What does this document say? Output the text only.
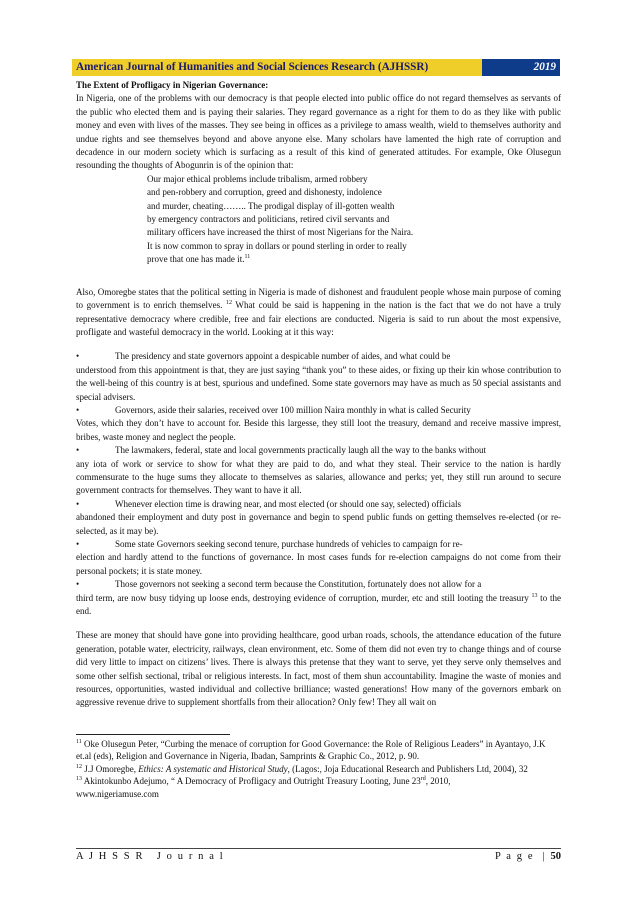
American Journal of Humanities and Social Sciences Research (AJHSSR)	2019
The Extent of Profligacy in Nigerian Governance:

In Nigeria, one of the problems with our democracy is that people elected into public office do not regard themselves as servants of the public who elected them and is paying their salaries. They regard governance as a right for them to do as they like with public money and even with lives of the masses. They see being in offices as a privilege to amass wealth, wield to themselves authority and undue rights and see themselves beyond and above anyone else. Many scholars have lamented the high rate of corruption and decadence in our modern society which is surfacing as a result of this kind of generated attitudes. For example, Oke Olusegun resounding the thoughts of Abogunrin is of the opinion that:

Our major ethical problems include tribalism, armed robbery
and pen-robbery and corruption, greed and dishonesty, indolence
and murder, cheating…….. The prodigal display of ill-gotten wealth
by emergency contractors and politicians, retired civil servants and
military officers have increased the thirst of most Nigerians for the Naira.
It is now common to spray in dollars or pound sterling in order to really
prove that one has made it.$^{11}$

Also, Omoregbe states that the political setting in Nigeria is made of dishonest and fraudulent people whose main purpose of coming to government is to enrich themselves. $^{12}$ What could be said is happening in the nation is the fact that we do not have a truly representative democracy where credible, free and fair elections are conducted. Nigeria is said to run about the most expensive, profligate and wasteful democracy in the world. Looking at it this way:

•
The presidency and state governors appoint a despicable number of aides, and what could be

understood from this appointment is that, they are just saying “thank you” to these aides, or fixing up their kin whose contribution to the well-being of this country is at best, spurious and undefined. Some state governors may have as much as 50 special assistants and special advisers.

•
Governors, aside their salaries, received over 100 million Naira monthly in what is called Security

Votes, which they don’t have to account for. Beside this largesse, they still loot the treasury, demand and receive massive imprest, bribes, waste money and neglect the people.

•
The lawmakers, federal, state and local governments practically laugh all the way to the banks without

any iota of work or service to show for what they are paid to do, and what they steal. Their service to the nation is hardly commensurate to the huge sums they allocate to themselves as salaries, allowance and perks; yet, they still run around to secure government contracts for themselves. They want to have it all.

•
Whenever election time is drawing near, and most elected (or should one say, selected) officials

abandoned their employment and duty post in governance and begin to spend public funds on getting themselves re-elected (or re-selected, as it may be).

•
Some state Governors seeking second tenure, purchase hundreds of vehicles to campaign for re-

election and hardly attend to the functions of governance. In most cases funds for re-election campaigns do not come from their personal pockets; it is state money.

•
Those governors not seeking a second term because the Constitution, fortunately does not allow for a

third term, are now busy tidying up loose ends, destroying evidence of corruption, murder, etc and still looting the treasury $^{13}$ to the end.

These are money that should have gone into providing healthcare, good urban roads, schools, the attendance education of the future generation, potable water, electricity, railways, clean environment, etc. Some of them did not even try to change things and of course did very little to impact on citizens’ lives. There is always this pretense that they want to serve, yet they serve only themselves and some other selfish sectional, tribal or religious interests. In fact, most of them shun accountability. Imagine the waste of monies and resources, opportunities, wasted individual and collective brilliance; wasted generations! How many of the governors embark on aggressive revenue drive to supplement shortfalls from their allocation? Only few! They all wait on

$^{11}$ Oke Olusegun Peter, “Curbing the menace of corruption for Good Governance: the Role of Religious Leaders” in Ayantayo, J.K et.al (eds), Religion and Governance in Nigeria, Ibadan, Samprints & Graphic Co., 2012, p. 90.
$^{12}$ J.J Omoregbe, Ethics: A systematic and Historical Study, (Lagos:, Joja Educational Research and Publishers Ltd, 2004), 32
$^{13}$ Akintokunbo Adejumo, “ A Democracy of Profligacy and Outright Treasury Looting, June 23rd, 2010,
www.nigeriamuse.com
A J H S S R   J o u r n a l	P a g e  | 50
